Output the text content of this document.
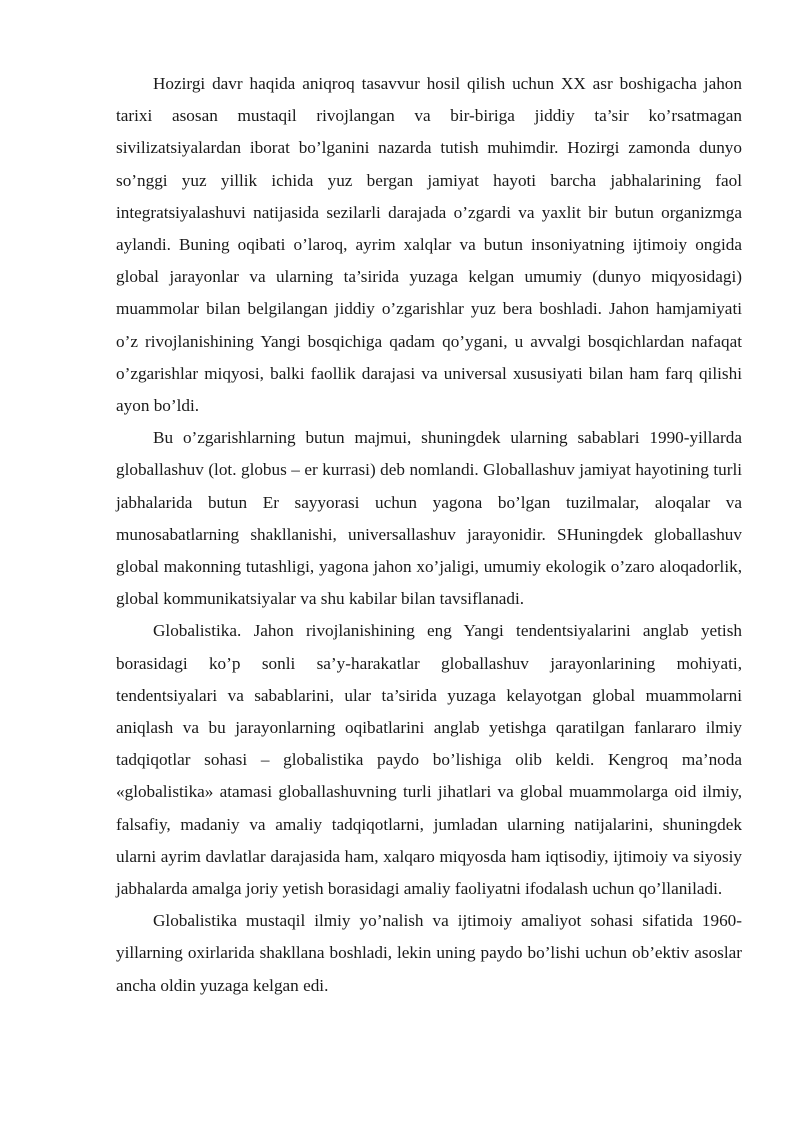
Hozirgi davr haqida aniqroq tasavvur hosil qilish uchun XX asr boshigacha jahon tarixi asosan mustaqil rivojlangan va bir-biriga jiddiy ta’sir ko’rsatmagan sivilizatsiyalardan iborat bo’lganini nazarda tutish muhimdir. Hozirgi zamonda dunyo so’nggi yuz yillik ichida yuz bergan jamiyat hayoti barcha jabhalarining faol integratsiyalashuvi natijasida sezilarli darajada o’zgardi va yaxlit bir butun organizmga aylandi. Buning oqibati o’laroq, ayrim xalqlar va butun insoniyatning ijtimoiy ongida global jarayonlar va ularning ta’sirida yuzaga kelgan umumiy (dunyo miqyosidagi) muammolar bilan belgilangan jiddiy o’zgarishlar yuz bera boshladi. Jahon hamjamiyati o’z rivojlanishining Yangi bosqichiga qadam qo’ygani, u avvalgi bosqichlardan nafaqat o’zgarishlar miqyosi, balki faollik darajasi va universal xususiyati bilan ham farq qilishi ayon bo’ldi.

Bu o’zgarishlarning butun majmui, shuningdek ularning sabablari 1990-yillarda globallashuv (lot. globus – er kurrasi) deb nomlandi. Globallashuv jamiyat hayotining turli jabhalarida butun Er sayyorasi uchun yagona bo’lgan tuzilmalar, aloqalar va munosabatlarning shakllanishi, universallashuv jarayonidir. SHuningdek globallashuv global makonning tutashligi, yagona jahon xo’jaligi, umumiy ekologik o’zaro aloqadorlik, global kommunikatsiyalar va shu kabilar bilan tavsiflanadi.

Globalistika. Jahon rivojlanishining eng Yangi tendentsiyalarini anglab yetish borasidagi ko’p sonli sa’y-harakatlar globallashuv jarayonlarining mohiyati, tendentsiyalari va sabablarini, ular ta’sirida yuzaga kelayotgan global muammolarni aniqlash va bu jarayonlarning oqibatlarini anglab yetishga qaratilgan fanlararo ilmiy tadqiqotlar sohasi – globalistika paydo bo’lishiga olib keldi. Kengroq ma’noda «globalistika» atamasi globallashuvning turli jihatlari va global muammolarga oid ilmiy, falsafiy, madaniy va amaliy tadqiqotlarni, jumladan ularning natijalarini, shuningdek ularni ayrim davlatlar darajasida ham, xalqaro miqyosda ham iqtisodiy, ijtimoiy va siyosiy jabhalarda amalga joriy yetish borasidagi amaliy faoliyatni ifodalash uchun qo’llaniladi.

Globalistika mustaqil ilmiy yo’nalish va ijtimoiy amaliyot sohasi sifatida 1960-yillarning oxirlarida shakllana boshladi, lekin uning paydo bo’lishi uchun ob’ektiv asoslar ancha oldin yuzaga kelgan edi.
